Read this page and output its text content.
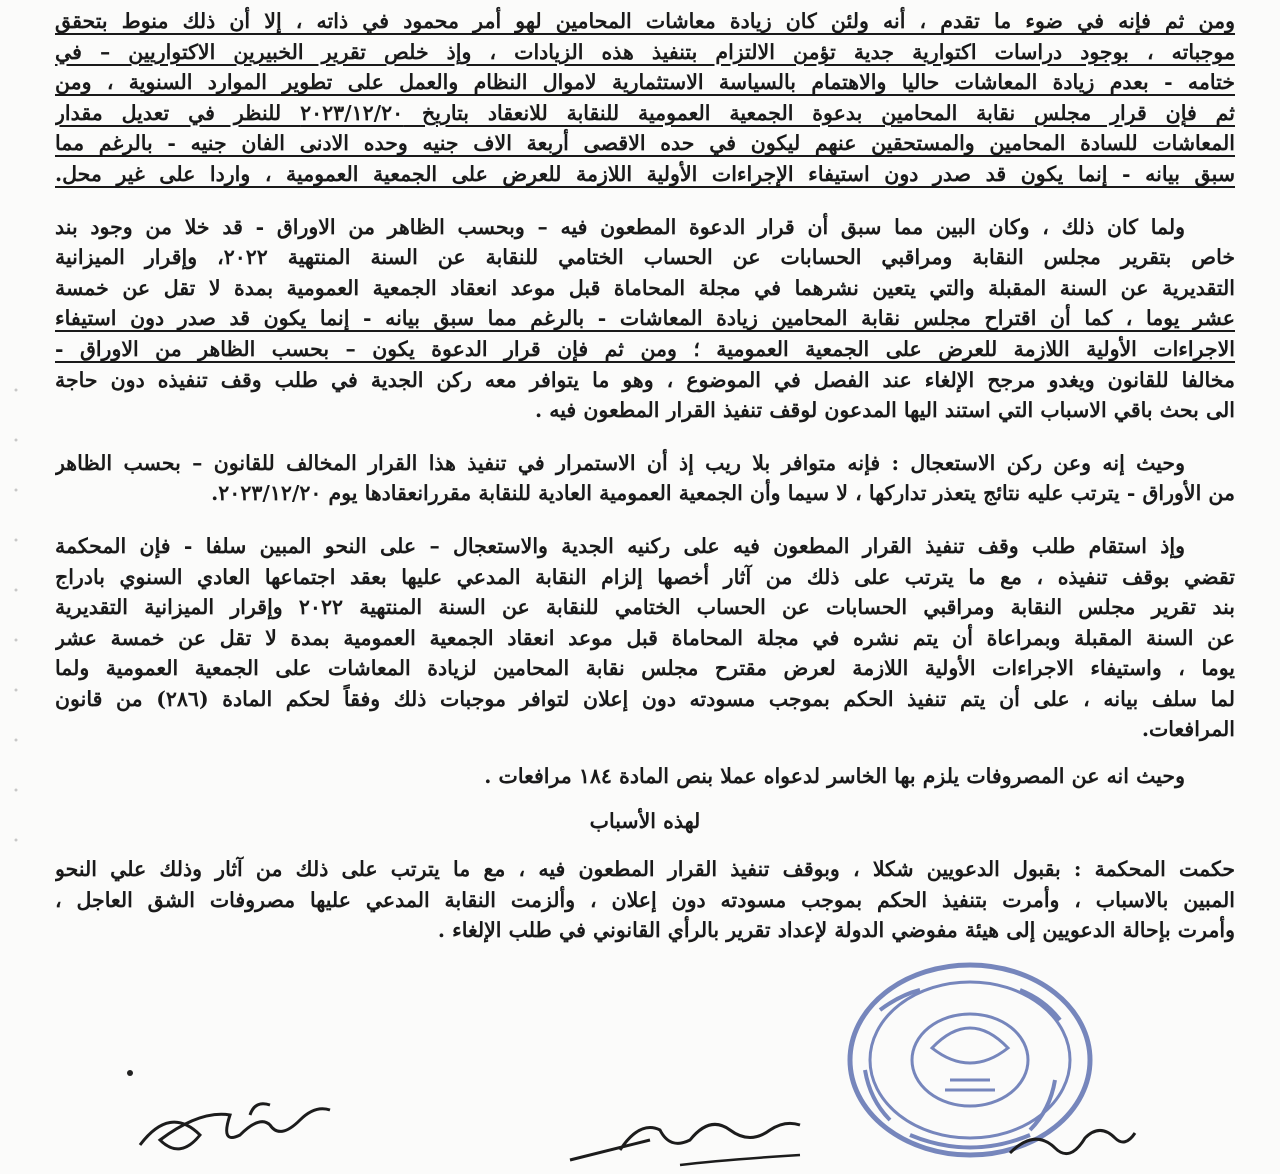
ومن ثم فإنه في ضوء ما تقدم ، أنه ولئن كان زيادة معاشات المحامين لهو أمر محمود في ذاته ، إلا أن ذلك منوط بتحقق
موجباته ، بوجود دراسات اكتوارية جدية تؤمن الالتزام بتنفيذ هذه الزيادات ، وإذ خلص تقرير الخبيرين الاكتواريين – في
ختامه - بعدم زيادة المعاشات حاليا والاهتمام بالسياسة الاستثمارية لاموال النظام والعمل على تطوير الموارد السنوية ، ومن
ثم فإن قرار مجلس نقابة المحامين بدعوة الجمعية العمومية للنقابة للانعقاد بتاريخ ٢٠٢٣/١٢/٢٠ للنظر في تعديل مقدار
المعاشات للسادة المحامين والمستحقين عنهم ليكون في حده الاقصى أربعة الاف جنيه وحده الادنى الفان جنيه - بالرغم مما
سبق بيانه - إنما يكون قد صدر دون استيفاء الإجراءات الأولية اللازمة للعرض على الجمعية العمومية ، واردا على غير محل.
ولما كان ذلك ، وكان البين مما سبق أن قرار الدعوة المطعون فيه – وبحسب الظاهر من الاوراق - قد خلا من وجود بند
خاص بتقرير مجلس النقابة ومراقبي الحسابات عن الحساب الختامي للنقابة عن السنة المنتهية ٢٠٢٢، وإقرار الميزانية
التقديرية عن السنة المقبلة والتي يتعين نشرهما في مجلة المحاماة قبل موعد انعقاد الجمعية العمومية بمدة لا تقل عن خمسة
عشر يوما ، كما أن اقتراح مجلس نقابة المحامين زيادة المعاشات - بالرغم مما سبق بيانه - إنما يكون قد صدر دون استيفاء
الاجراءات الأولية اللازمة للعرض على الجمعية العمومية ؛ ومن ثم فإن قرار الدعوة يكون – بحسب الظاهر من الاوراق -
مخالفا للقانون ويغدو مرجح الإلغاء عند الفصل في الموضوع ، وهو ما يتوافر معه ركن الجدية في طلب وقف تنفيذه دون حاجة
الى بحث باقي الاسباب التي استند اليها المدعون لوقف تنفيذ القرار المطعون فيه .
وحيث إنه وعن ركن الاستعجال : فإنه متوافر بلا ريب إذ أن الاستمرار في تنفيذ هذا القرار المخالف للقانون – بحسب الظاهر
من الأوراق - يترتب عليه نتائج يتعذر تداركها ، لا سيما وأن الجمعية العمومية العادية للنقابة مقررانعقادها يوم ٢٠٢٣/١٢/٢٠.
وإذ استقام طلب وقف تنفيذ القرار المطعون فيه على ركنيه الجدية والاستعجال – على النحو المبين سلفا - فإن المحكمة
تقضي بوقف تنفيذه ، مع ما يترتب على ذلك من آثار أخصها إلزام النقابة المدعي عليها بعقد اجتماعها العادي السنوي بادراج
بند تقرير مجلس النقابة ومراقبي الحسابات عن الحساب الختامي للنقابة عن السنة المنتهية ٢٠٢٢ وإقرار الميزانية التقديرية
عن السنة المقبلة وبمراعاة أن يتم نشره في مجلة المحاماة قبل موعد انعقاد الجمعية العمومية بمدة لا تقل عن خمسة عشر
يوما ، واستيفاء الاجراءات الأولية اللازمة لعرض مقترح مجلس نقابة المحامين لزيادة المعاشات على الجمعية العمومية ولما
لما سلف بيانه ، على أن يتم تنفيذ الحكم بموجب مسودته دون إعلان لتوافر موجبات ذلك وفقاً لحكم المادة (٢٨٦) من قانون
المرافعات.
وحيث انه عن المصروفات يلزم بها الخاسر لدعواه عملا بنص المادة ١٨٤ مرافعات .
لهذه الأسباب
حكمت المحكمة : بقبول الدعويين شكلا ، وبوقف تنفيذ القرار المطعون فيه ، مع ما يترتب على ذلك من آثار وذلك علي النحو
المبين بالاسباب ، وأمرت بتنفيذ الحكم بموجب مسودته دون إعلان ، وألزمت النقابة المدعي عليها مصروفات الشق العاجل ،
وأمرت بإحالة الدعويين إلى هيئة مفوضي الدولة لإعداد تقرير بالرأي القانوني في طلب الإلغاء .
